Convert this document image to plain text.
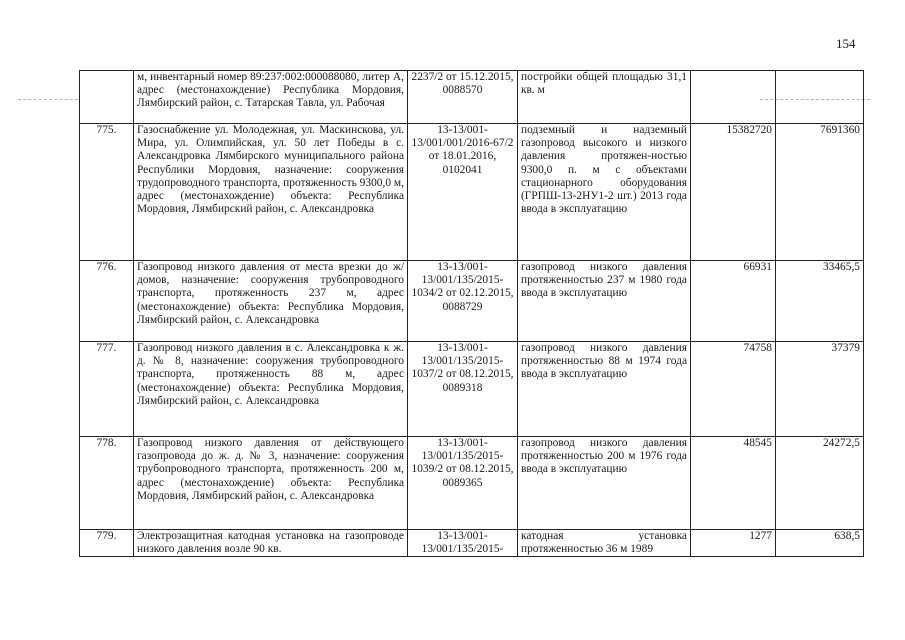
154
	м, инвентарный номер 89:237:002:000088080, литер А, адрес (местонахождение) Республика Мордовия, Лямбирский район, с. Татарская Тавла, ул. Рабочая	2237/2 от 15.12.2015, 0088570	постройки общей площадью 31,1 кв. м		
775.	Газоснабжение ул. Молодежная, ул. Маскинскова, ул. Мира, ул. Олимпийская, ул. 50 лет Победы в с. Александровка Лямбирского муниципального района Республики Мордовия, назначение: сооружения трудопроводного транспорта, протяженность 9300,0 м, адрес (местонахождение) объекта: Республика Мордовия, Лямбирский район, с. Александровка	13-13/001-13/001/001/2016-67/2 от 18.01.2016, 0102041	подземный и надземный газопровод высокого и низкого давления протяжен-ностью 9300,0 п. м с объектами стационарного оборудования (ГРПШ-13-2НУ1-2 шт.) 2013 года ввода в эксплуатацию	15382720	7691360
776.	Газопровод низкого давления от места врезки до ж/домов, назначение: сооружения трубопроводного транспорта, протяженность 237 м, адрес (местонахождение) объекта: Республика Мордовия, Лямбирский район, с. Александровка	13-13/001-13/001/135/2015-1034/2 от 02.12.2015, 0088729	газопровод низкого давления протяженностью 237 м 1980 года ввода в эксплуатацию	66931	33465,5
777.	Газопровод низкого давления в с. Александровка к ж. д. № 8, назначение: сооружения трубопроводного транспорта, протяженность 88 м, адрес (местонахождение) объекта: Республика Мордовия, Лямбирский район, с. Александровка	13-13/001-13/001/135/2015-1037/2 от 08.12.2015, 0089318	газопровод низкого давления протяженностью 88 м 1974 года ввода в эксплуатацию	74758	37379
778.	Газопровод низкого давления от действующего газопровода до ж. д. № 3, назначение: сооружения трубопроводного транспорта, протяженность 200 м, адрес (местонахождение) объекта: Республика Мордовия, Лямбирский район, с. Александровка	13-13/001-13/001/135/2015-1039/2 от 08.12.2015, 0089365	газопровод низкого давления протяженностью 200 м 1976 года ввода в эксплуатацию	48545	24272,5
779.	Электрозащитная катодная установка на газопроводе низкого давления возле 90 кв.	13-13/001-13/001/135/2015-	катодная установка протяженностью 36 м 1989	1277	638,5
